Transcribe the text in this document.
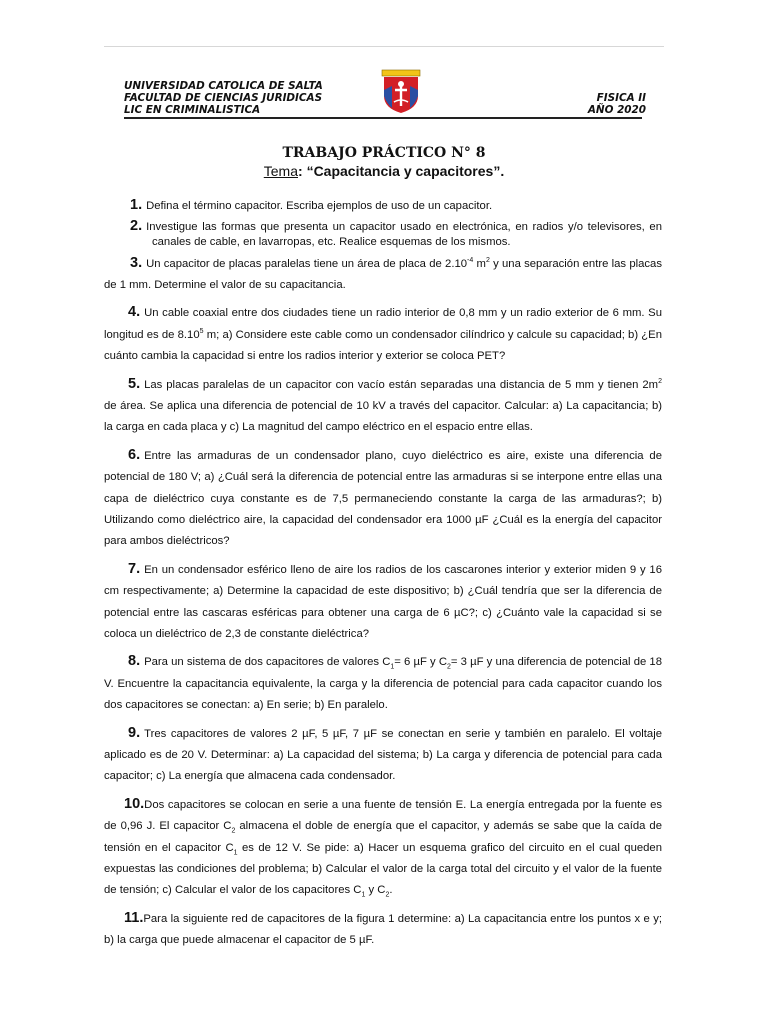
UNIVERSIDAD CATOLICA DE SALTA
FACULTAD DE CIENCIAS JURIDICAS
LIC EN CRIMINALISTICA
FISICA II
AÑO 2020
TRABAJO PRÁCTICO N° 8
Tema: “Capacitancia y capacitores”.
1. Defina el término capacitor. Escriba ejemplos de uso de un capacitor.
2. Investigue las formas que presenta un capacitor usado en electrónica, en radios y/o televisores, en canales de cable, en lavarropas, etc. Realice esquemas de los mismos.
3. Un capacitor de placas paralelas tiene un área de placa de $2.10^{-4}$ $m^2$ y una separación entre las placas de 1 mm. Determine el valor de su capacitancia.
4. Un cable coaxial entre dos ciudades tiene un radio interior de 0,8 mm y un radio exterior de 6 mm. Su longitud es de 8.10$^5$ m; a) Considere este cable como un condensador cilíndrico y calcule su capacidad; b) ¿En cuánto cambia la capacidad si entre los radios interior y exterior se coloca PET?
5. Las placas paralelas de un capacitor con vacío están separadas una distancia de 5 mm y tienen $2m^2$ de área. Se aplica una diferencia de potencial de 10 kV a través del capacitor. Calcular: a) La capacitancia; b) la carga en cada placa y c) La magnitud del campo eléctrico en el espacio entre ellas.
6. Entre las armaduras de un condensador plano, cuyo dieléctrico es aire, existe una diferencia de potencial de 180 V; a) ¿Cuál será la diferencia de potencial entre las armaduras si se interpone entre ellas una capa de dieléctrico cuya constante es de 7,5 permaneciendo constante la carga de las armaduras?; b) Utilizando como dieléctrico aire, la capacidad del condensador era 1000 µF ¿Cuál es la energía del capacitor para ambos dieléctricos?
7. En un condensador esférico lleno de aire los radios de los cascarones interior y exterior miden 9 y 16 cm respectivamente; a) Determine la capacidad de este dispositivo; b) ¿Cuál tendría que ser la diferencia de potencial entre las cascaras esféricas para obtener una carga de 6 µC?; c) ¿Cuánto vale la capacidad si se coloca un dieléctrico de 2,3 de constante dieléctrica?
8. Para un sistema de dos capacitores de valores $C_1= 6$ µF y $C_2= 3$ µF y una diferencia de potencial de 18 V. Encuentre la capacitancia equivalente, la carga y la diferencia de potencial para cada capacitor cuando los dos capacitores se conectan: a) En serie; b) En paralelo.
9. Tres capacitores de valores 2 µF, 5 µF, 7 µF se conectan en serie y también en paralelo. El voltaje aplicado es de 20 V. Determinar: a) La capacidad del sistema; b) La carga y diferencia de potencial para cada capacitor; c) La energía que almacena cada condensador.
10.Dos capacitores se colocan en serie a una fuente de tensión E. La energía entregada por la fuente es de 0,96 J. El capacitor $C_2$ almacena el doble de energía que el capacitor, y además se sabe que la caída de tensión en el capacitor $C_1$ es de 12 V. Se pide: a) Hacer un esquema grafico del circuito en el cual queden expuestas las condiciones del problema; b) Calcular el valor de la carga total del circuito y el valor de la fuente de tensión; c) Calcular el valor de los capacitores $C_1$ y $C_2$.
11.Para la siguiente red de capacitores de la figura 1 determine: a) La capacitancia entre los puntos x e y; b) la carga que puede almacenar el capacitor de 5 µF.
